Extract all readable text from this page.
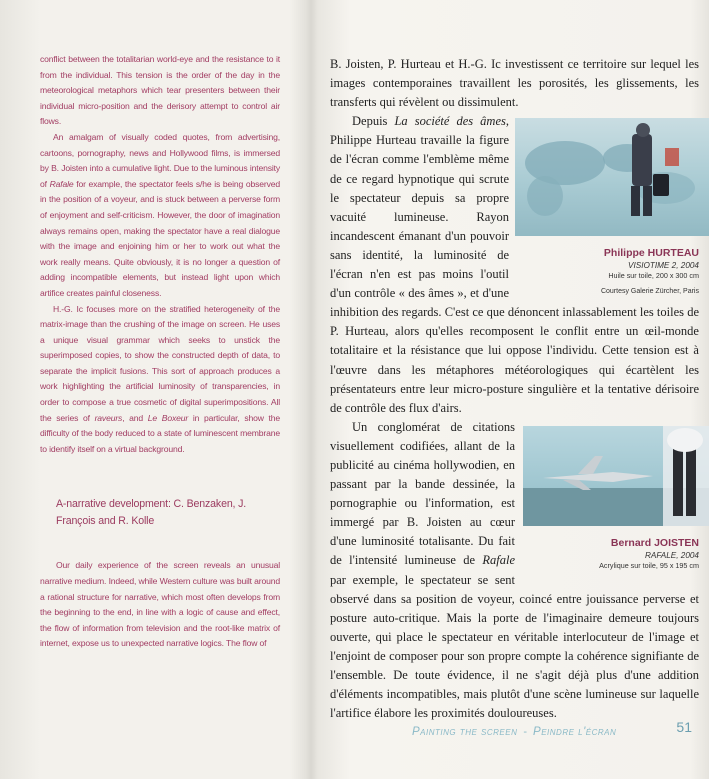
conflict between the totalitarian world-eye and the resistance to it from the individual. This tension is the order of the day in the meteorological metaphors which tear presenters between their individual micro-position and the derisory attempt to control air flows.

An amalgam of visually coded quotes, from advertising, cartoons, pornography, news and Hollywood films, is immersed by B. Joisten into a cumulative light. Due to the luminous intensity of Rafale for example, the spectator feels s/he is being observed in the position of a voyeur, and is stuck between a perverse form of enjoyment and self-criticism. However, the door of imagination always remains open, making the spectator have a real dialogue with the image and enjoining him or her to work out what the work really means. Quite obviously, it is no longer a question of adding incompatible elements, but instead light upon which artifice creates painful closeness.

H.-G. Ic focuses more on the stratified heterogeneity of the matrix-image than the crushing of the image on screen. He uses a unique visual grammar which seeks to unstick the superimposed copies, to show the constructed depth of data, to separate the implicit fusions. This sort of approach produces a work highlighting the artificial luminosity of transparencies, in order to compose a true cosmetic of digital superimpositions. All the series of raveurs, and Le Boxeur in particular, show the difficulty of the body reduced to a state of luminescent membrane to identify itself on a virtual background.

A-narrative development: C. Benzaken, J. François and R. Kolle

Our daily experience of the screen reveals an unusual narrative medium. Indeed, while Western culture was built around a rational structure for narrative, which most often develops from the beginning to the end, in line with a logic of cause and effect, the flow of information from television and the root-like matrix of internet, expose us to unexpected narrative logics. The flow of

B. Joisten, P. Hurteau et H.-G. Ic investissent ce territoire sur lequel les images contemporaines travaillent les porosités, les glissements, les transferts qui révèlent ou dissimulent.

Philippe HURTEAU
VISIOTIME 2, 2004
Huile sur toile, 200 x 300 cm
Courtesy Galerie Zürcher, Paris

Depuis La société des âmes, Philippe Hurteau travaille la figure de l'écran comme l'emblème même de ce regard hypnotique qui scrute le spectateur depuis sa propre vacuité lumineuse. Rayon incandescent émanant d'un pouvoir sans identité, la luminosité de l'écran n'en est pas moins l'outil d'un contrôle « des âmes », et d'une inhibition des regards. C'est ce que dénoncent inlassablement les toiles de P. Hurteau, alors qu'elles recomposent le conflit entre un œil-monde totalitaire et la résistance que lui oppose l'individu. Cette tension est à l'œuvre dans les métaphores météorologiques qui écartèlent les présentateurs entre leur micro-posture singulière et la tentative dérisoire de contrôle des flux d'airs.

Bernard JOISTEN
RAFALE, 2004
Acrylique sur toile, 95 x 195 cm

Un conglomérat de citations visuellement codifiées, allant de la publicité au cinéma hollywodien, en passant par la bande dessinée, la pornographie ou l'information, est immergé par B. Joisten au cœur d'une luminosité totalisante. Du fait de l'intensité lumineuse de Rafale par exemple, le spectateur se sent observé dans sa position de voyeur, coincé entre jouissance perverse et posture auto-critique. Mais la porte de l'imaginaire demeure toujours ouverte, qui place le spectateur en véritable interlocuteur de l'image et l'enjoint de composer pour son propre compte la cohérence signifiante de l'ensemble. De toute évidence, il ne s'agit déjà plus d'une addition d'éléments incompatibles, mais plutôt d'une scène lumineuse sur laquelle l'artifice élabore les proximités douloureuses.

Painting the screen - Peindre l'écran	51
